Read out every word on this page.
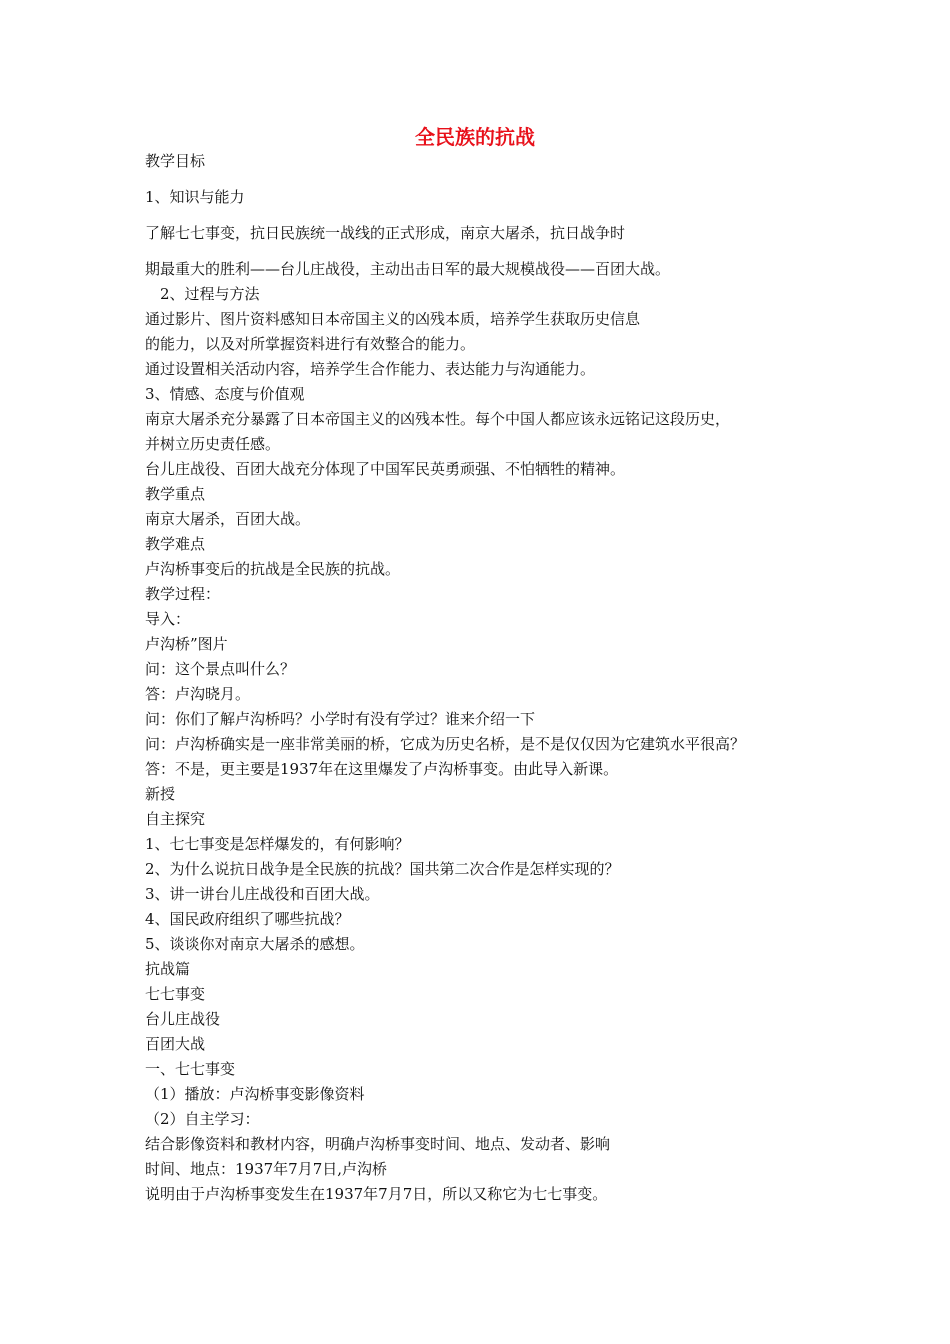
全民族的抗战
教学目标
1、知识与能力
了解七七事变，抗日民族统一战线的正式形成，南京大屠杀，抗日战争时
期最重大的胜利——台儿庄战役，主动出击日军的最大规模战役——百团大战。
2、过程与方法
通过影片、图片资料感知日本帝国主义的凶残本质，培养学生获取历史信息
的能力，以及对所掌握资料进行有效整合的能力。
通过设置相关活动内容，培养学生合作能力、表达能力与沟通能力。
3、情感、态度与价值观
南京大屠杀充分暴露了日本帝国主义的凶残本性。每个中国人都应该永远铭记这段历史，
并树立历史责任感。
台儿庄战役、百团大战充分体现了中国军民英勇顽强、不怕牺牲的精神。
教学重点
南京大屠杀，百团大战。
教学难点
卢沟桥事变后的抗战是全民族的抗战。
教学过程：
导入：
卢沟桥”图片
问：这个景点叫什么？
答：卢沟晓月。
问：你们了解卢沟桥吗？小学时有没有学过？谁来介绍一下
问：卢沟桥确实是一座非常美丽的桥，它成为历史名桥，是不是仅仅因为它建筑水平很高？
答：不是，更主要是1937年在这里爆发了卢沟桥事变。由此导入新课。
新授
自主探究
1、七七事变是怎样爆发的，有何影响？
2、为什么说抗日战争是全民族的抗战？国共第二次合作是怎样实现的？
3、讲一讲台儿庄战役和百团大战。
4、国民政府组织了哪些抗战？
5、谈谈你对南京大屠杀的感想。
抗战篇
七七事变
台儿庄战役
百团大战
一、七七事变
（1）播放：卢沟桥事变影像资料
（2）自主学习：
结合影像资料和教材内容，明确卢沟桥事变时间、地点、发动者、影响
时间、地点：1937年7月7日,卢沟桥
说明由于卢沟桥事变发生在1937年7月7日，所以又称它为七七事变。
